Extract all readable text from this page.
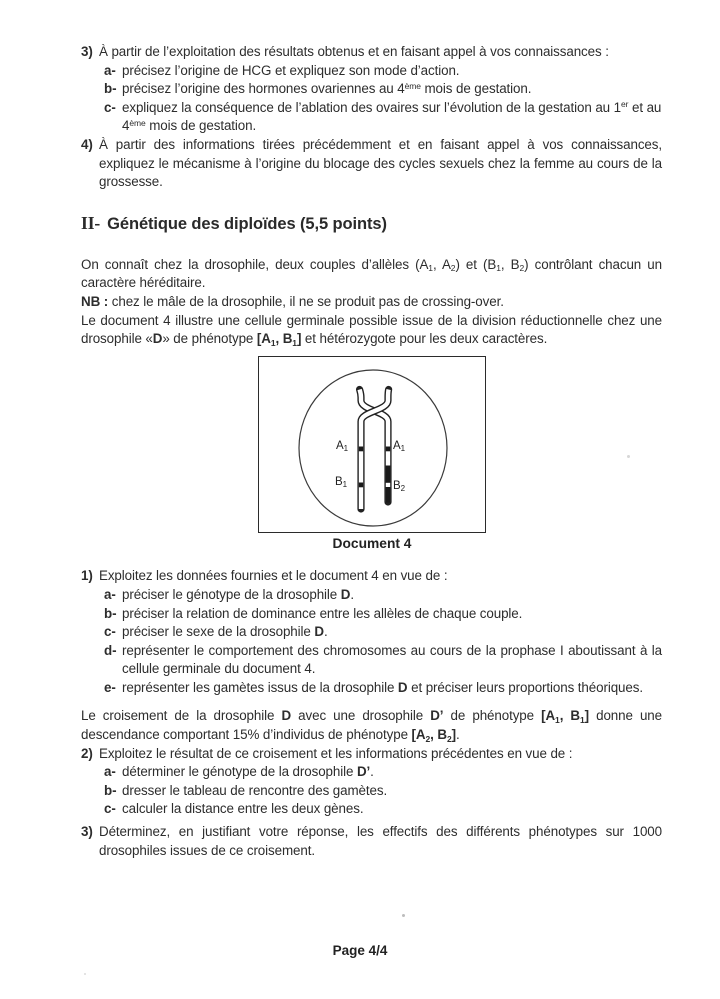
3) À partir de l’exploitation des résultats obtenus et en faisant appel à vos connaissances :
a- précisez l’origine de HCG et expliquez son mode d’action.
b- précisez l’origine des hormones ovariennes au 4ème mois de gestation.
c- expliquez la conséquence de l’ablation des ovaires sur l’évolution de la gestation au 1er et au
4ème mois de gestation.
4) À partir des informations tirées précédemment et en faisant appel à vos connaissances, expliquez le mécanisme à l’origine du blocage des cycles sexuels chez la femme au cours de la grossesse.
II- Génétique des diploïdes (5,5 points)

On connaît chez la drosophile, deux couples d’allèles ($A_1$, $A_2$) et ($B_1$, $B_2$) contrôlant chacun un caractère héréditaire.

NB : chez le mâle de la drosophile, il ne se produit pas de crossing-over.

Le document 4 illustre une cellule germinale possible issue de la division réductionnelle chez une drosophile «D» de phénotype [$A_1$, $B_1$] et hétérozygote pour les deux caractères.

$A_1$	$A_1$
$B_1$	$B_2$
Document 4
1) Exploitez les données fournies et le document 4 en vue de :
a- préciser le génotype de la drosophile D.
b- préciser la relation de dominance entre les allèles de chaque couple.
c- préciser le sexe de la drosophile D.
d- représenter le comportement des chromosomes au cours de la prophase I aboutissant à la cellule germinale du document 4.
e- représenter les gamètes issus de la drosophile D et préciser leurs proportions théoriques.

Le croisement de la drosophile D avec une drosophile D’ de phénotype [$A_1$, $B_1$] donne une descendance comportant 15% d’individus de phénotype [$A_2$, $B_2$].

2) Exploitez le résultat de ce croisement et les informations précédentes en vue de :
a- déterminer le génotype de la drosophile D’.
b- dresser le tableau de rencontre des gamètes.
c- calculer la distance entre les deux gènes.
3) Déterminez, en justifiant votre réponse, les effectifs des différents phénotypes sur 1000 drosophiles issues de ce croisement.
Page 4/4
